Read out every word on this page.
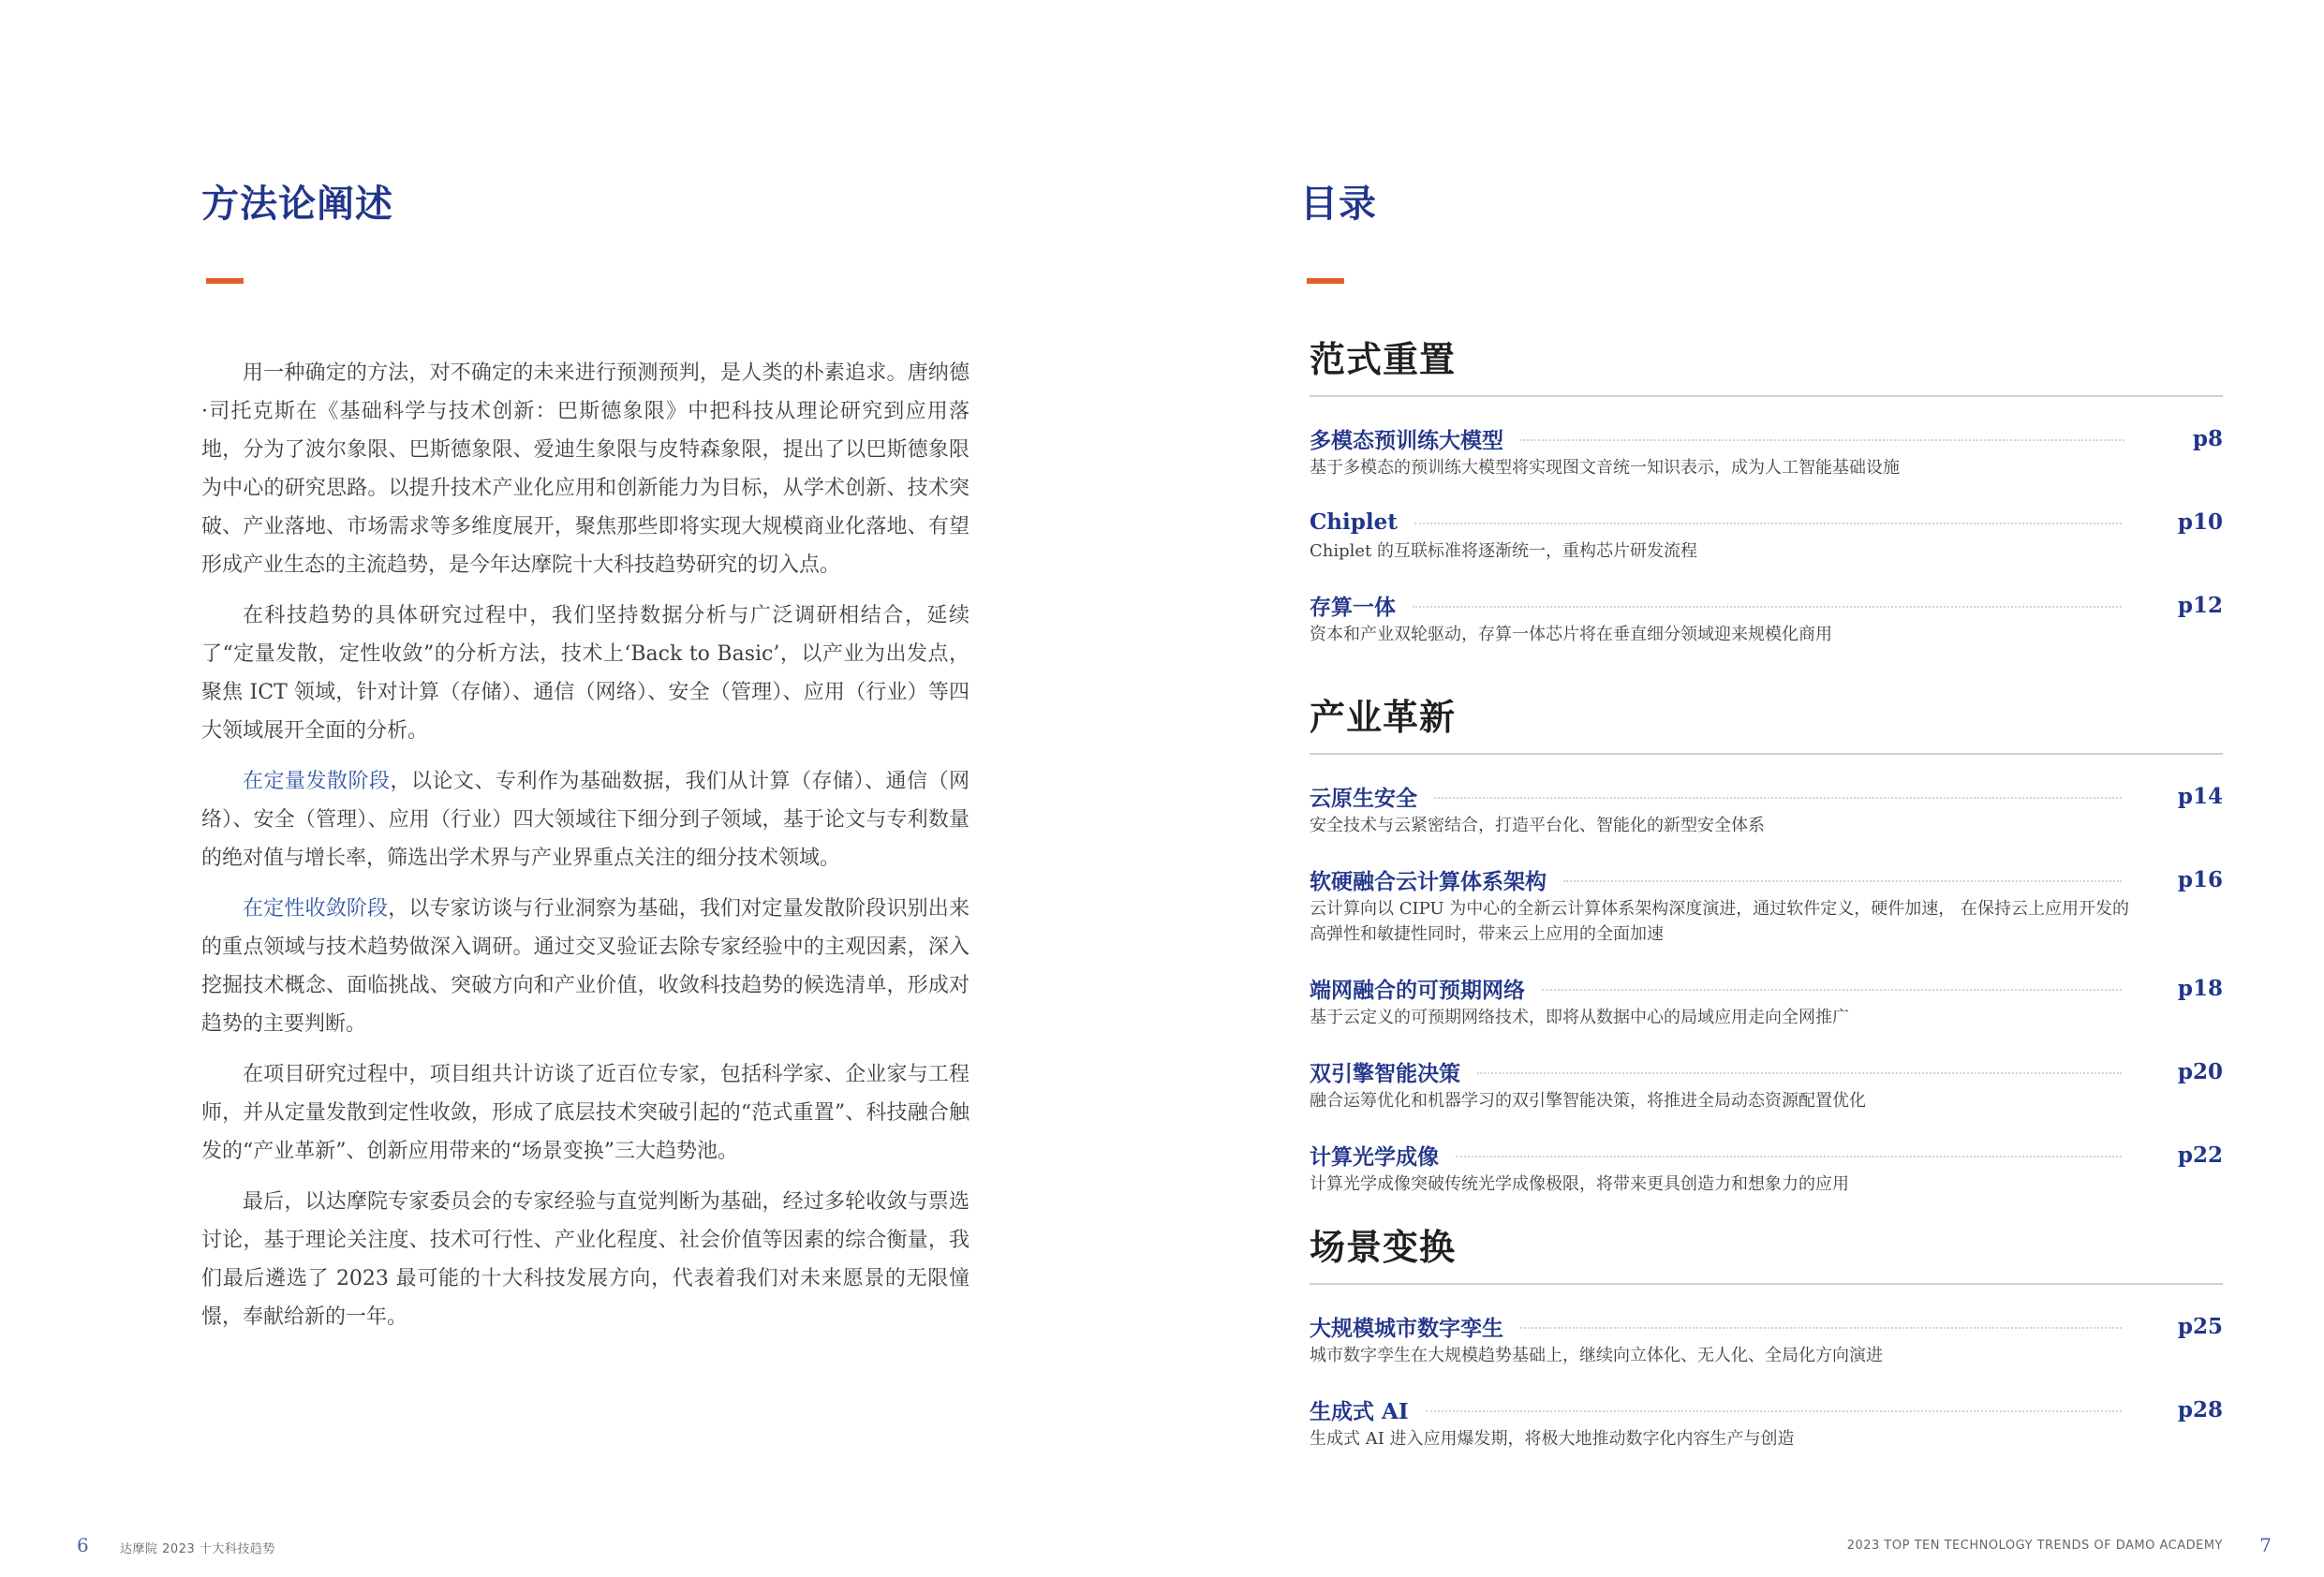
方法论阐述

用一种确定的方法，对不确定的未来进行预测预判，是人类的朴素追求。唐纳德·司托克斯在《基础科学与技术创新：巴斯德象限》中把科技从理论研究到应用落地，分为了波尔象限、巴斯德象限、爱迪生象限与皮特森象限，提出了以巴斯德象限为中心的研究思路。以提升技术产业化应用和创新能力为目标，从学术创新、技术突破、产业落地、市场需求等多维度展开，聚焦那些即将实现大规模商业化落地、有望形成产业生态的主流趋势，是今年达摩院十大科技趋势研究的切入点。

在科技趋势的具体研究过程中，我们坚持数据分析与广泛调研相结合，延续了“定量发散，定性收敛”的分析方法，技术上‘Back to Basic’，以产业为出发点，聚焦 ICT 领域，针对计算（存储）、通信（网络）、安全（管理）、应用（行业）等四大领域展开全面的分析。

在定量发散阶段，以论文、专利作为基础数据，我们从计算（存储）、通信（网络）、安全（管理）、应用（行业）四大领域往下细分到子领域，基于论文与专利数量的绝对值与增长率，筛选出学术界与产业界重点关注的细分技术领域。

在定性收敛阶段，以专家访谈与行业洞察为基础，我们对定量发散阶段识别出来的重点领域与技术趋势做深入调研。通过交叉验证去除专家经验中的主观因素，深入挖掘技术概念、面临挑战、突破方向和产业价值，收敛科技趋势的候选清单，形成对趋势的主要判断。

在项目研究过程中，项目组共计访谈了近百位专家，包括科学家、企业家与工程师，并从定量发散到定性收敛，形成了底层技术突破引起的“范式重置”、科技融合触发的“产业革新”、创新应用带来的“场景变换”三大趋势池。

最后，以达摩院专家委员会的专家经验与直觉判断为基础，经过多轮收敛与票选讨论，基于理论关注度、技术可行性、产业化程度、社会价值等因素的综合衡量，我们最后遴选了 2023 最可能的十大科技发展方向，代表着我们对未来愿景的无限憧憬，奉献给新的一年。

6	达摩院 2023 十大科技趋势
目录
范式重置
多模态预训练大模型	p8
基于多模态的预训练大模型将实现图文音统一知识表示，成为人工智能基础设施
Chiplet	p10
Chiplet 的互联标准将逐渐统一，重构芯片研发流程
存算一体	p12
资本和产业双轮驱动，存算一体芯片将在垂直细分领域迎来规模化商用
产业革新
云原生安全	p14
安全技术与云紧密结合，打造平台化、智能化的新型安全体系
软硬融合云计算体系架构	p16
云计算向以 CIPU 为中心的全新云计算体系架构深度演进，通过软件定义，硬件加速， 在保持云上应用开发的高弹性和敏捷性同时，带来云上应用的全面加速
端网融合的可预期网络	p18
基于云定义的可预期网络技术，即将从数据中心的局域应用走向全网推广
双引擎智能决策	p20
融合运筹优化和机器学习的双引擎智能决策，将推进全局动态资源配置优化
计算光学成像	p22
计算光学成像突破传统光学成像极限，将带来更具创造力和想象力的应用
场景变换
大规模城市数字孪生	p25
城市数字孪生在大规模趋势基础上，继续向立体化、无人化、全局化方向演进
生成式 AI	p28
生成式 AI 进入应用爆发期，将极大地推动数字化内容生产与创造
2023 TOP TEN TECHNOLOGY TRENDS OF DAMO ACADEMY 7
